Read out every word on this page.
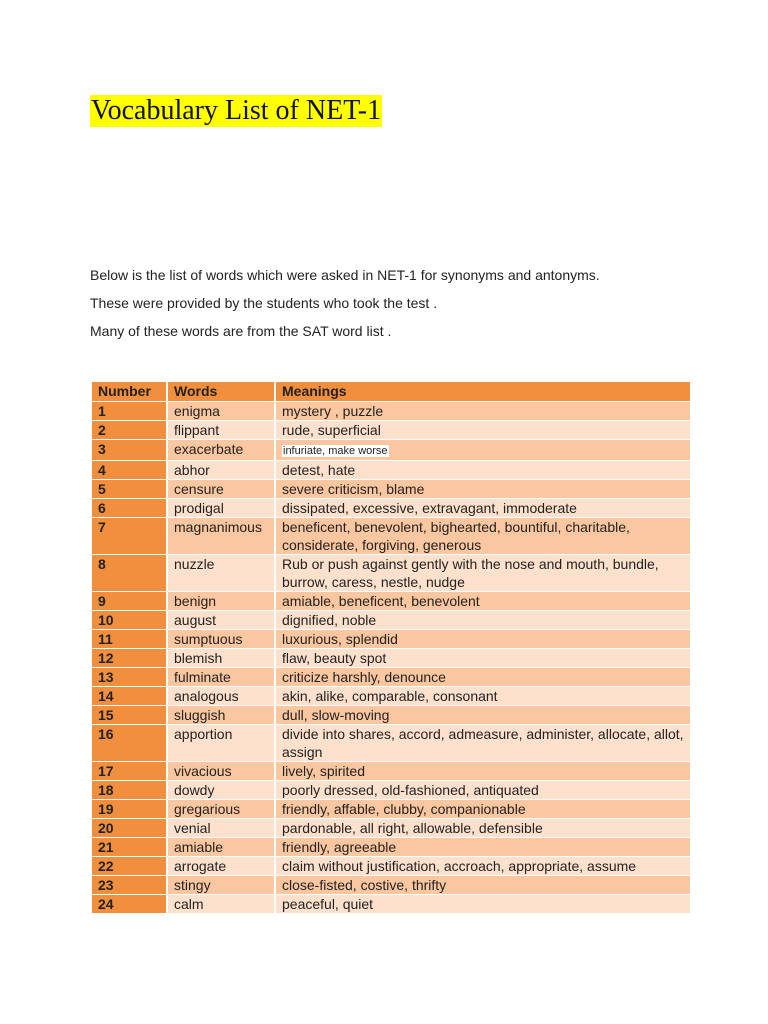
Vocabulary List of NET-1

Below is the list of words which were asked in NET-1 for synonyms and antonyms.

These were provided by the students who took the test .

Many of these words are from the SAT word list .

Number	Words	Meanings
1	enigma	mystery , puzzle
2	flippant	rude, superficial
3	exacerbate	infuriate, make worse
4	abhor	detest, hate
5	censure	severe criticism, blame
6	prodigal	dissipated, excessive, extravagant, immoderate
7	magnanimous	beneficent, benevolent, bighearted, bountiful, charitable, considerate, forgiving, generous
8	nuzzle	Rub or push against gently with the nose and mouth, bundle, burrow, caress, nestle, nudge
9	benign	amiable, beneficent, benevolent
10	august	dignified, noble
11	sumptuous	luxurious, splendid
12	blemish	flaw, beauty spot
13	fulminate	criticize harshly, denounce
14	analogous	akin, alike, comparable, consonant
15	sluggish	dull, slow-moving
16	apportion	divide into shares, accord, admeasure, administer, allocate, allot, assign
17	vivacious	lively, spirited
18	dowdy	poorly dressed, old-fashioned, antiquated
19	gregarious	friendly, affable, clubby, companionable
20	venial	pardonable, all right, allowable, defensible
21	amiable	friendly, agreeable
22	arrogate	claim without justification, accroach, appropriate, assume
23	stingy	close-fisted, costive, thrifty
24	calm	peaceful, quiet
